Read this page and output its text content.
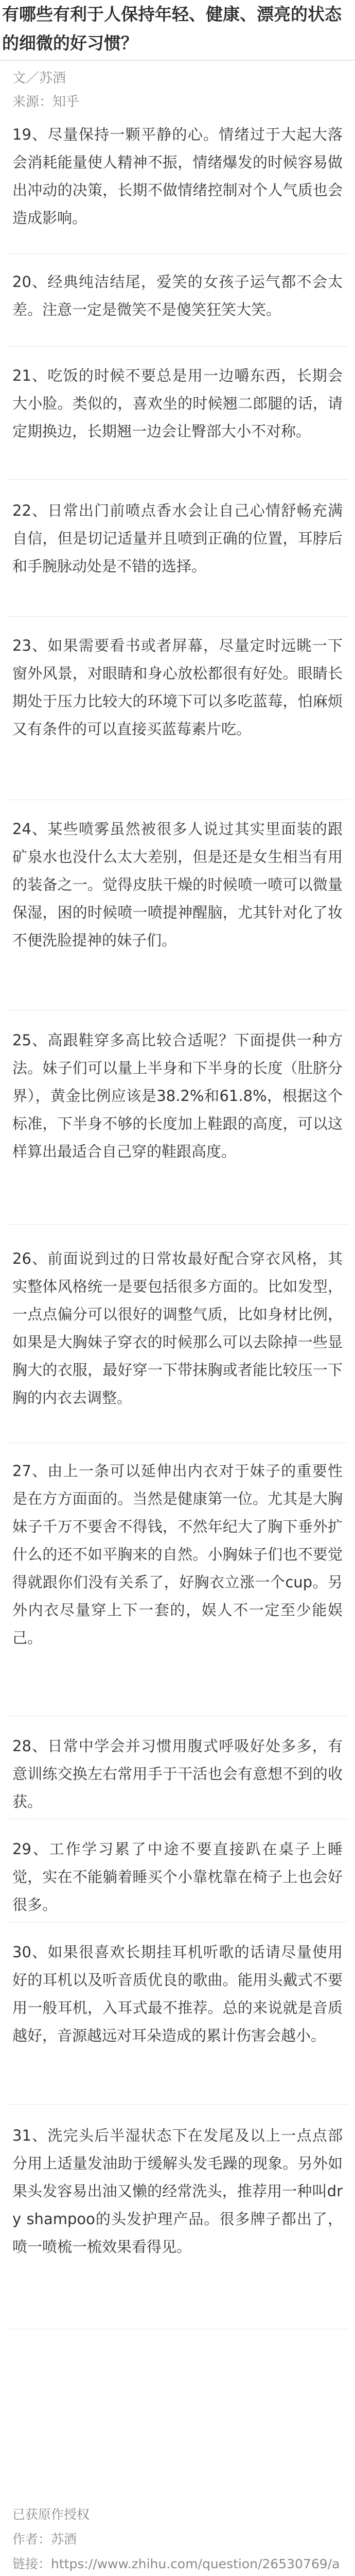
有哪些有利于人保持年轻、健康、漂亮的状态的细微的好习惯？

文／苏酒

来源：知乎

19、尽量保持一颗平静的心。情绪过于大起大落会消耗能量使人精神不振，情绪爆发的时候容易做出冲动的决策，长期不做情绪控制对个人气质也会造成影响。

20、经典纯洁结尾，爱笑的女孩子运气都不会太差。注意一定是微笑不是傻笑狂笑大笑。

21、吃饭的时候不要总是用一边嚼东西，长期会大小脸。类似的，喜欢坐的时候翘二郎腿的话，请定期换边，长期翘一边会让臀部大小不对称。

22、日常出门前喷点香水会让自己心情舒畅充满自信，但是切记适量并且喷到正确的位置，耳脖后和手腕脉动处是不错的选择。

23、如果需要看书或者屏幕，尽量定时远眺一下窗外风景，对眼睛和身心放松都很有好处。眼睛长期处于压力比较大的环境下可以多吃蓝莓，怕麻烦又有条件的可以直接买蓝莓素片吃。

24、某些喷雾虽然被很多人说过其实里面装的跟矿泉水也没什么太大差别，但是还是女生相当有用的装备之一。觉得皮肤干燥的时候喷一喷可以微量保湿，困的时候喷一喷提神醒脑，尤其针对化了妆不便洗脸提神的妹子们。

25、高跟鞋穿多高比较合适呢？下面提供一种方法。妹子们可以量上半身和下半身的长度（肚脐分界），黄金比例应该是38.2%和61.8%，根据这个标准，下半身不够的长度加上鞋跟的高度，可以这样算出最适合自己穿的鞋跟高度。

26、前面说到过的日常妆最好配合穿衣风格，其实整体风格统一是要包括很多方面的。比如发型，一点点偏分可以很好的调整气质，比如身材比例，如果是大胸妹子穿衣的时候那么可以去除掉一些显胸大的衣服，最好穿一下带抹胸或者能比较压一下胸的内衣去调整。

27、由上一条可以延伸出内衣对于妹子的重要性是在方方面面的。当然是健康第一位。尤其是大胸妹子千万不要舍不得钱，不然年纪大了胸下垂外扩什么的还不如平胸来的自然。小胸妹子们也不要觉得就跟你们没有关系了，好胸衣立涨一个cup。另外内衣尽量穿上下一套的，娱人不一定至少能娱己。

28、日常中学会并习惯用腹式呼吸好处多多，有意训练交换左右常用手于干活也会有意想不到的收获。

29、工作学习累了中途不要直接趴在桌子上睡觉，实在不能躺着睡买个小靠枕靠在椅子上也会好很多。

30、如果很喜欢长期挂耳机听歌的话请尽量使用好的耳机以及听音质优良的歌曲。能用头戴式不要用一般耳机，入耳式最不推荐。总的来说就是音质越好，音源越远对耳朵造成的累计伤害会越小。

31、洗完头后半湿状态下在发尾及以上一点点部分用上适量发油助于缓解头发毛躁的现象。另外如果头发容易出油又懒的经常洗头，推荐用一种叫dry shampoo的头发护理产品。很多牌子都出了，喷一喷梳一梳效果看得见。

已获原作授权

作者：苏酒

链接：https://www.zhihu.com/question/26530769/a
